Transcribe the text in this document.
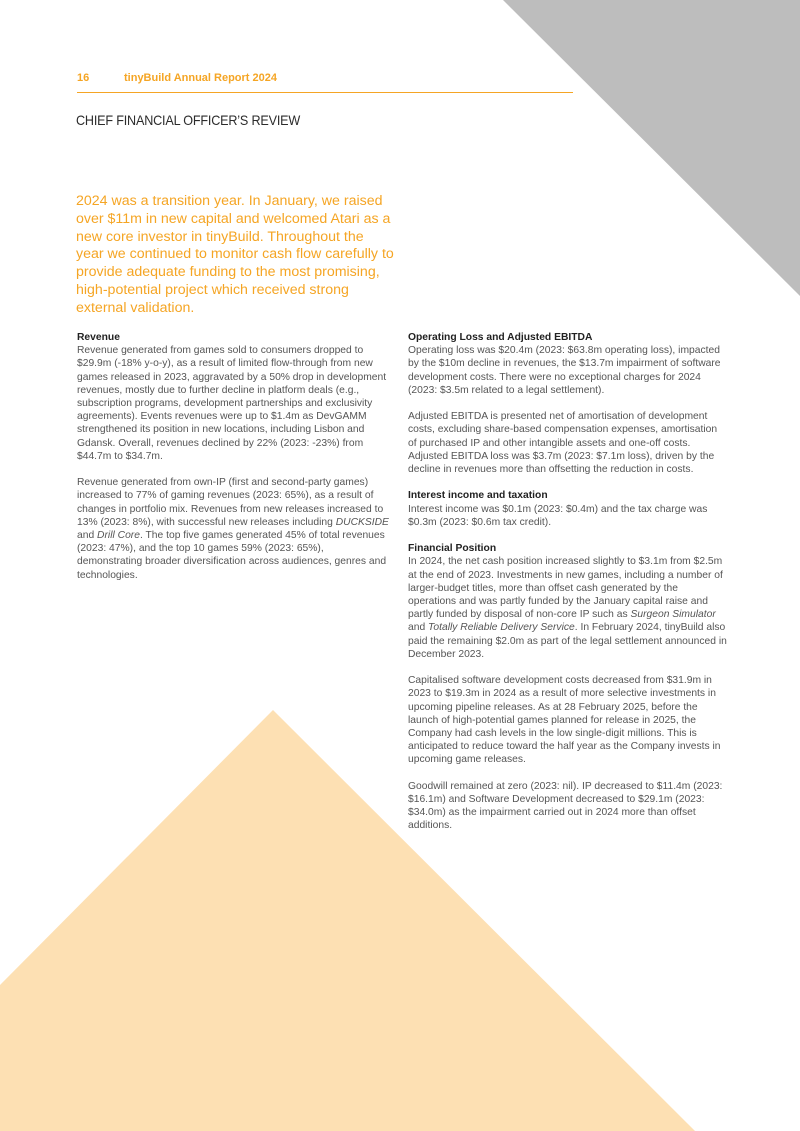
16	tinyBuild Annual Report 2024
CHIEF FINANCIAL OFFICER’S REVIEW
2024 was a transition year. In January, we raised over $11m in new capital and welcomed Atari as a new core investor in tinyBuild. Throughout the year we continued to monitor cash flow carefully to provide adequate funding to the most promising, high-potential project which received strong external validation.
Revenue

Revenue generated from games sold to consumers dropped to $29.9m (-18% y-o-y), as a result of limited flow-through from new games released in 2023, aggravated by a 50% drop in development revenues, mostly due to further decline in platform deals (e.g., subscription programs, development partnerships and exclusivity agreements). Events revenues were up to $1.4m as DevGAMM strengthened its position in new locations, including Lisbon and Gdansk. Overall, revenues declined by 22% (2023: -23%) from $44.7m to $34.7m.

Revenue generated from own-IP (first and second-party games) increased to 77% of gaming revenues (2023: 65%), as a result of changes in portfolio mix. Revenues from new releases increased to 13% (2023: 8%), with successful new releases including DUCKSIDE and Drill Core. The top five games generated 45% of total revenues (2023: 47%), and the top 10 games 59% (2023: 65%), demonstrating broader diversification across audiences, genres and technologies.

Operating Loss and Adjusted EBITDA

Operating loss was $20.4m (2023: $63.8m operating loss), impacted by the $10m decline in revenues, the $13.7m impairment of software development costs. There were no exceptional charges for 2024 (2023: $3.5m related to a legal settlement).

Adjusted EBITDA is presented net of amortisation of development costs, excluding share-based compensation expenses, amortisation of purchased IP and other intangible assets and one-off costs. Adjusted EBITDA loss was $3.7m (2023: $7.1m loss), driven by the decline in revenues more than offsetting the reduction in costs.

Interest income and taxation

Interest income was $0.1m (2023: $0.4m) and the tax charge was $0.3m (2023: $0.6m tax credit).

Financial Position

In 2024, the net cash position increased slightly to $3.1m from $2.5m at the end of 2023. Investments in new games, including a number of larger-budget titles, more than offset cash generated by the operations and was partly funded by the January capital raise and partly funded by disposal of non-core IP such as Surgeon Simulator and Totally Reliable Delivery Service. In February 2024, tinyBuild also paid the remaining $2.0m as part of the legal settlement announced in December 2023.

Capitalised software development costs decreased from $31.9m in 2023 to $19.3m in 2024 as a result of more selective investments in upcoming pipeline releases. As at 28 February 2025, before the launch of high-potential games planned for release in 2025, the Company had cash levels in the low single-digit millions. This is anticipated to reduce toward the half year as the Company invests in upcoming game releases.

Goodwill remained at zero (2023: nil). IP decreased to $11.4m (2023: $16.1m) and Software Development decreased to $29.1m (2023: $34.0m) as the impairment carried out in 2024 more than offset additions.
